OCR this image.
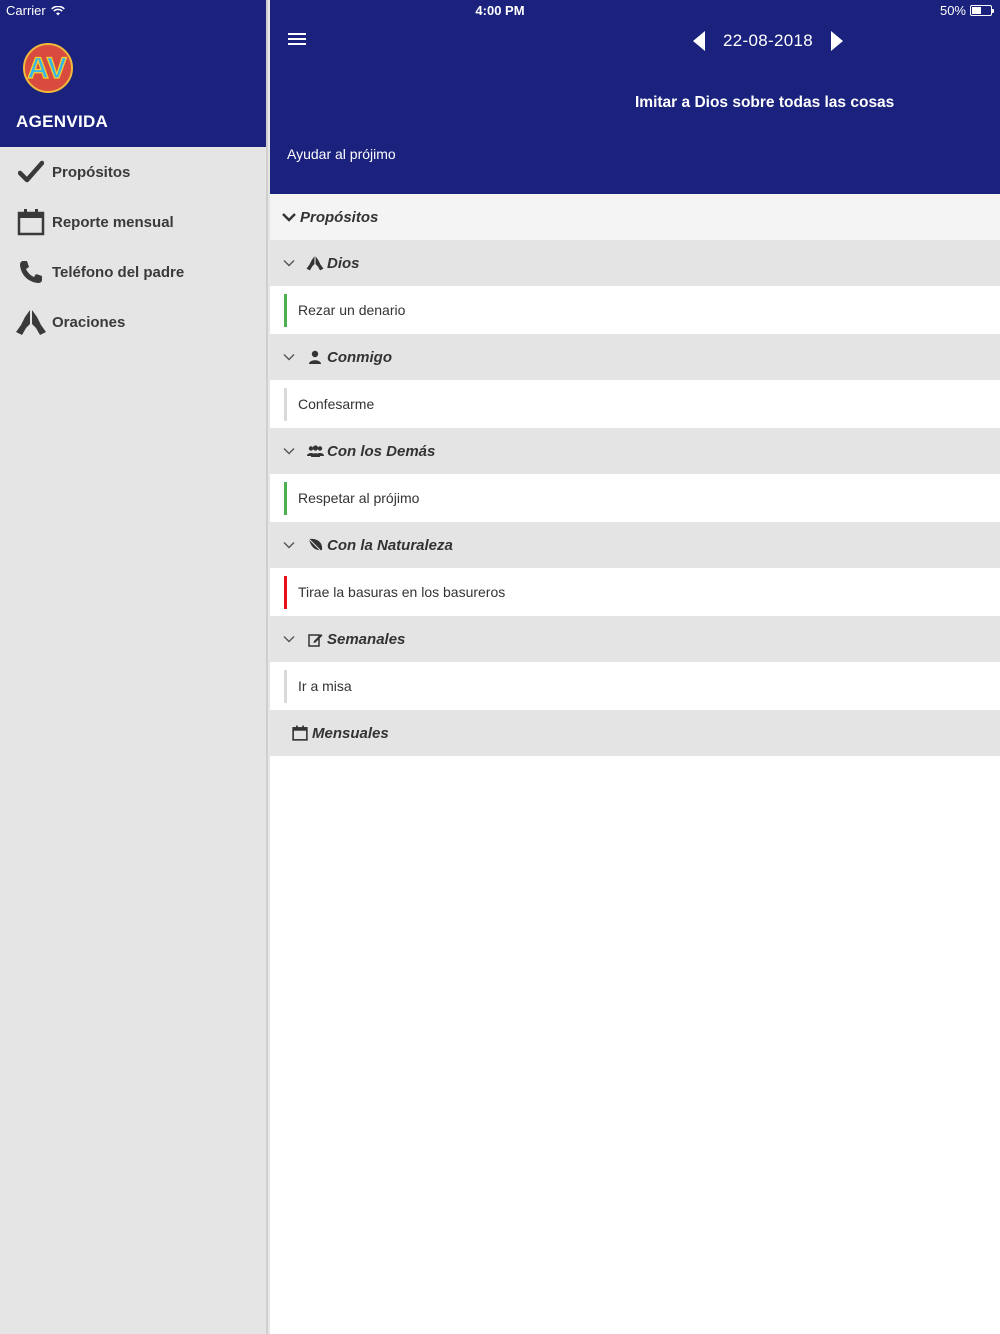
Carrier	4:00 PM	50%
AV
AGENVIDA
Propósitos
Reporte mensual
Teléfono del padre
Oraciones
22-08-2018
Imitar a Dios sobre todas las cosas
Ayudar al prójimo
Propósitos
Dios
Rezar un denario
Conmigo
Confesarme
Con los Demás
Respetar al prójimo
Con la Naturaleza
Tirae la basuras en los basureros
Semanales
Ir a misa
Mensuales
